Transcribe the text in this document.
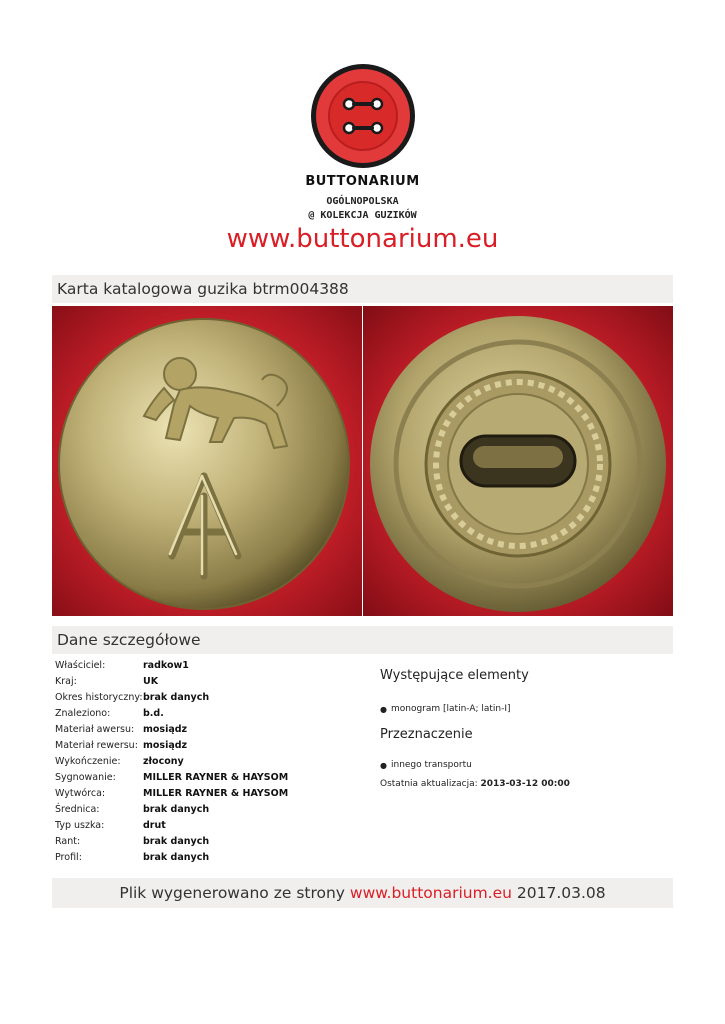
BUTTONARIUM
OGÓLNOPOLSKA
@ KOLEKCJA GUZIKÓW
www.buttonarium.eu
Karta katalogowa guzika btrm004388
Dane szczegółowe
Właściciel:	radkow1
Kraj:	UK
Okres historyczny: brak danych
Znaleziono:	b.d.
Materiał awersu: mosiądz
Materiał rewersu: mosiądz
Wykończenie:	złocony
Sygnowanie:	MILLER RAYNER & HAYSOM
Wytwórca:	MILLER RAYNER & HAYSOM
Średnica:	brak danych
Typ uszka:	drut
Rant:	brak danych
Profil:	brak danych
Występujące elementy
● monogram [latin-A; latin-I]
Przeznaczenie
● innego transportu
Ostatnia aktualizacja: 2013-03-12 00:00
Plik wygenerowano ze strony www.buttonarium.eu 2017.03.08
